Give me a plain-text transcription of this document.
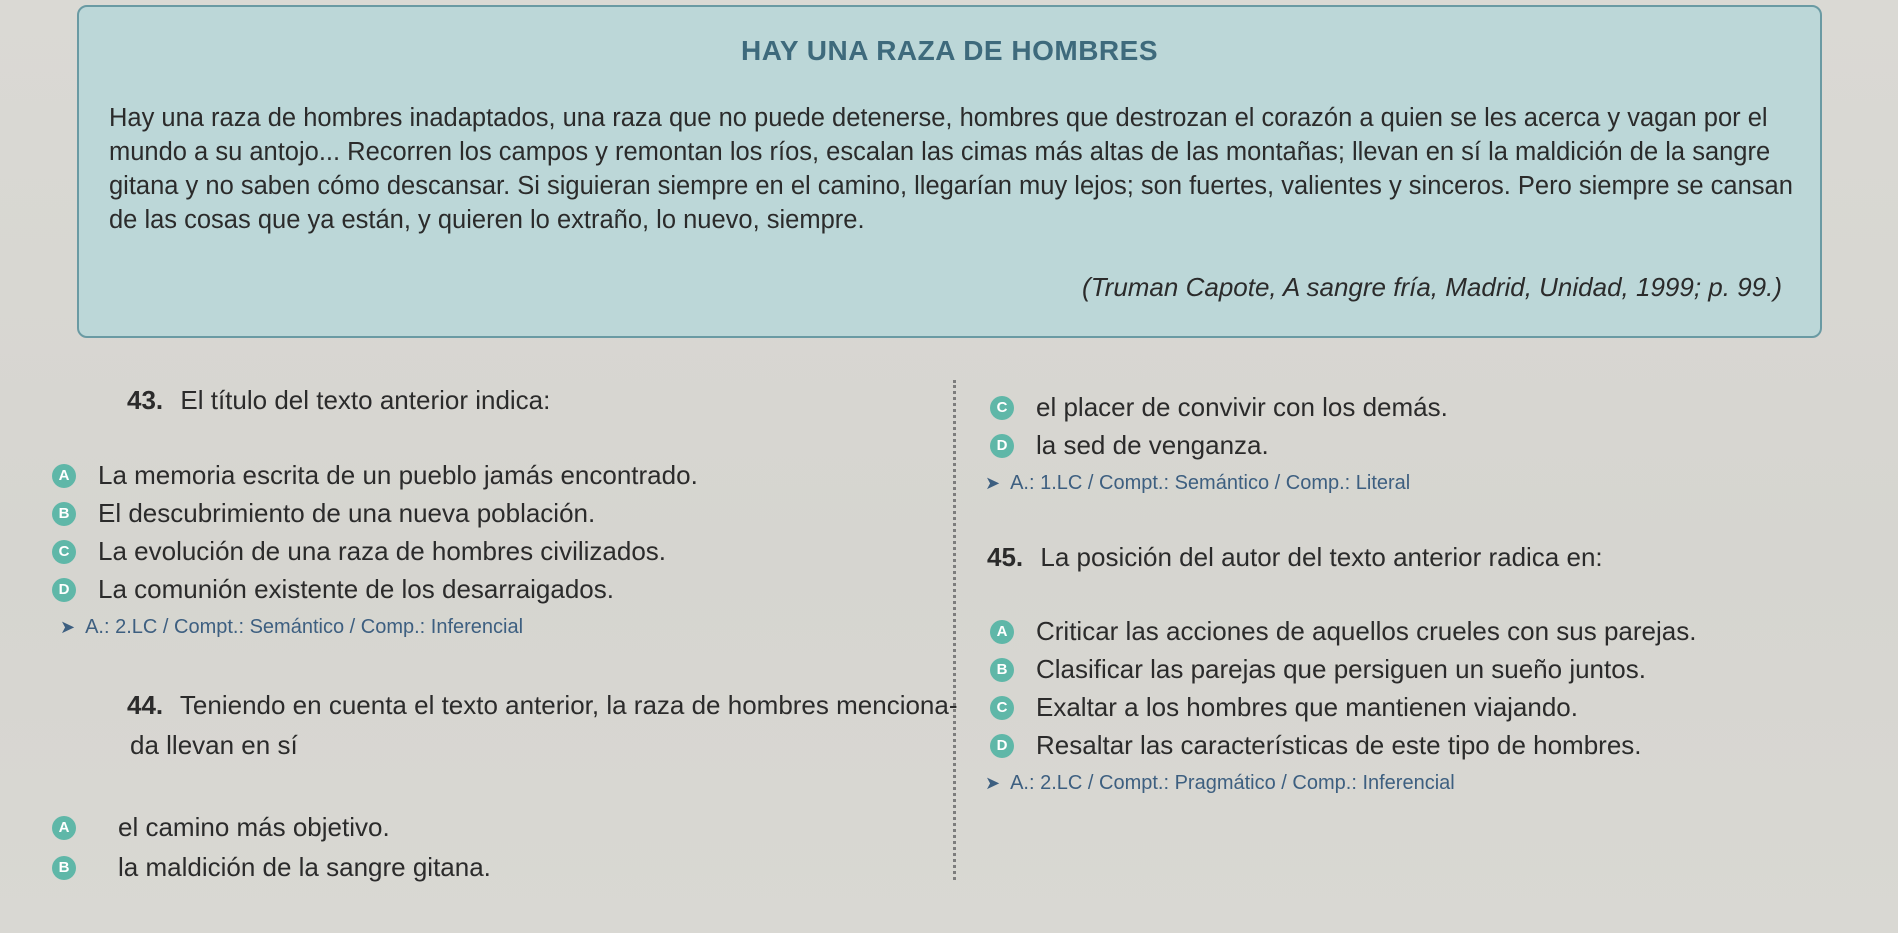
HAY UNA RAZA DE HOMBRES
Hay una raza de hombres inadaptados, una raza que no puede detenerse, hombres que destrozan el corazón a quien se les acerca y vagan por el mundo a su antojo... Recorren los campos y remontan los ríos, escalan las cimas más altas de las montañas; llevan en sí la maldición de la sangre gitana y no saben cómo descansar. Si siguieran siempre en el camino, llegarían muy lejos; son fuertes, valientes y sinceros. Pero siempre se cansan de las cosas que ya están, y quieren lo extraño, lo nuevo, siempre.
(Truman Capote, A sangre fría, Madrid, Unidad, 1999; p. 99.)
43. El título del texto anterior indica:
A La memoria escrita de un pueblo jamás encontrado.
B El descubrimiento de una nueva población.
C La evolución de una raza de hombres civilizados.
D La comunión existente de los desarraigados.
➤ A.: 2.LC / Compt.: Semántico / Comp.: Inferencial
44. Teniendo en cuenta el texto anterior, la raza de hombres menciona-
da llevan en sí
A el camino más objetivo.
B la maldición de la sangre gitana.
C el placer de convivir con los demás.
D la sed de venganza.
➤ A.: 1.LC / Compt.: Semántico / Comp.: Literal
45. La posición del autor del texto anterior radica en:
A Criticar las acciones de aquellos crueles con sus parejas.
B Clasificar las parejas que persiguen un sueño juntos.
C Exaltar a los hombres que mantienen viajando.
D Resaltar las características de este tipo de hombres.
➤ A.: 2.LC / Compt.: Pragmático / Comp.: Inferencial
